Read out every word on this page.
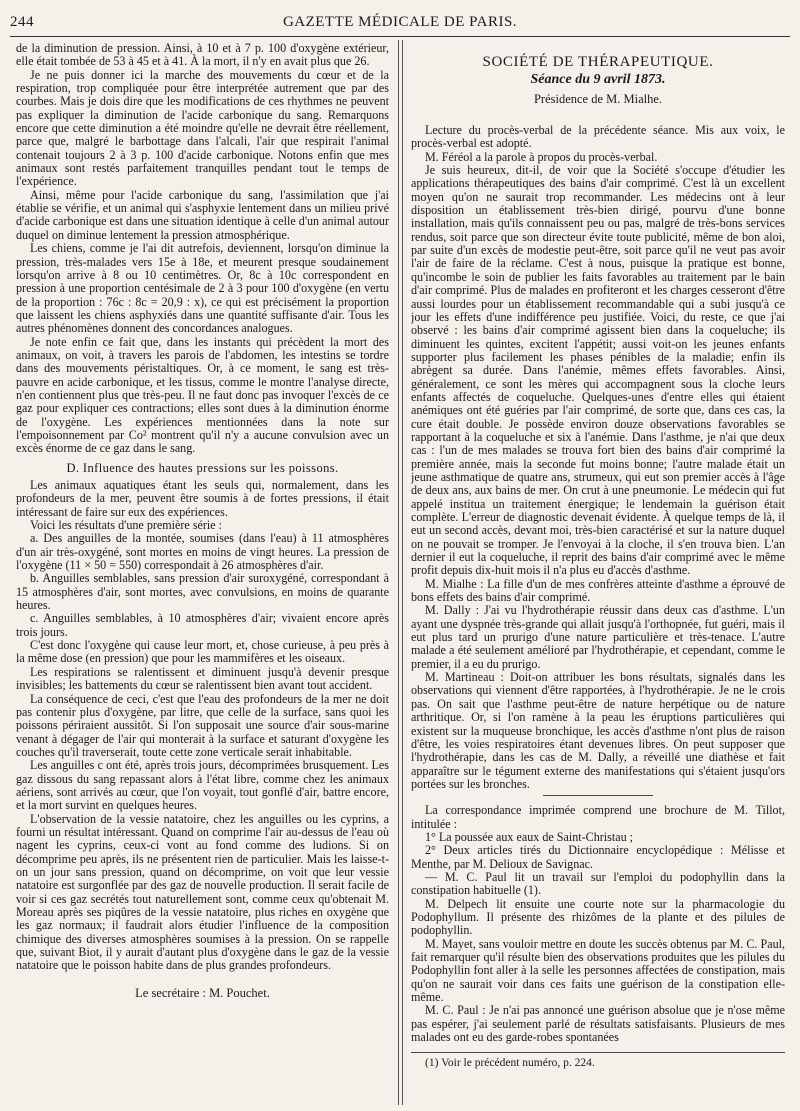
244	GAZETTE MÉDICALE DE PARIS.

de la diminution de pression. Ainsi, à 10 et à 7 p. 100 d'oxygène extérieur, elle était tombée de 53 à 45 et à 41. À la mort, il n'y en avait plus que 26.

Je ne puis donner ici la marche des mouvements du cœur et de la respiration, trop compliquée pour être interprétée autrement que par des courbes. Mais je dois dire que les modifications de ces rhythmes ne peuvent pas expliquer la diminution de l'acide carbonique du sang. Remarquons encore que cette diminution a été moindre qu'elle ne devrait être réellement, parce que, malgré le barbottage dans l'alcali, l'air que respirait l'animal contenait toujours 2 à 3 p. 100 d'acide carbonique. Notons enfin que mes animaux sont restés parfaitement tranquilles pendant tout le temps de l'expérience.

Ainsi, même pour l'acide carbonique du sang, l'assimilation que j'ai établie se vérifie, et un animal qui s'asphyxie lentement dans un milieu privé d'acide carbonique est dans une situation identique à celle d'un animal autour duquel on diminue lentement la pression atmosphérique.

Les chiens, comme je l'ai dit autrefois, deviennent, lorsqu'on diminue la pression, très-malades vers 15e à 18e, et meurent presque soudainement lorsqu'on arrive à 8 ou 10 centimètres. Or, 8c à 10c correspondent en pression à une proportion centésimale de 2 à 3 pour 100 d'oxygène (en vertu de la proportion : 76c : 8c = 20,9 : x), ce qui est précisément la proportion que laissent les chiens asphyxiés dans une quantité suffisante d'air. Tous les autres phénomènes donnent des concordances analogues.

Je note enfin ce fait que, dans les instants qui précèdent la mort des animaux, on voit, à travers les parois de l'abdomen, les intestins se tordre dans des mouvements péristaltiques. Or, à ce moment, le sang est très-pauvre en acide carbonique, et les tissus, comme le montre l'analyse directe, n'en contiennent plus que très-peu. Il ne faut donc pas invoquer l'excès de ce gaz pour expliquer ces contractions; elles sont dues à la diminution énorme de l'oxygène. Les expériences mentionnées dans la note sur l'empoisonnement par Co² montrent qu'il n'y a aucune convulsion avec un excès énorme de ce gaz dans le sang.

D. Influence des hautes pressions sur les poissons.

Les animaux aquatiques étant les seuls qui, normalement, dans les profondeurs de la mer, peuvent être soumis à de fortes pressions, il était intéressant de faire sur eux des expériences.

Voici les résultats d'une première série :

a. Des anguilles de la montée, soumises (dans l'eau) à 11 atmosphères d'un air très-oxygéné, sont mortes en moins de vingt heures. La pression de l'oxygène (11 × 50 = 550) correspondait à 26 atmosphères d'air.

b. Anguilles semblables, sans pression d'air suroxygéné, correspondant à 15 atmosphères d'air, sont mortes, avec convulsions, en moins de quarante heures.

c. Anguilles semblables, à 10 atmosphères d'air; vivaient encore après trois jours.

C'est donc l'oxygène qui cause leur mort, et, chose curieuse, à peu près à la même dose (en pression) que pour les mammifères et les oiseaux.

Les respirations se ralentissent et diminuent jusqu'à devenir presque invisibles; les battements du cœur se ralentissent bien avant tout accident.

La conséquence de ceci, c'est que l'eau des profondeurs de la mer ne doit pas contenir plus d'oxygène, par litre, que celle de la surface, sans quoi les poissons périraient aussitôt. Si l'on supposait une source d'air sous-marine venant à dégager de l'air qui monterait à la surface et saturant d'oxygène les couches qu'il traverserait, toute cette zone verticale serait inhabitable.

Les anguilles c ont été, après trois jours, décomprimées brusquement. Les gaz dissous du sang repassant alors à l'état libre, comme chez les animaux aériens, sont arrivés au cœur, que l'on voyait, tout gonflé d'air, battre encore, et la mort survint en quelques heures.

L'observation de la vessie natatoire, chez les anguilles ou les cyprins, a fourni un résultat intéressant. Quand on comprime l'air au-dessus de l'eau où nagent les cyprins, ceux-ci vont au fond comme des ludions. Si on décomprime peu après, ils ne présentent rien de particulier. Mais les laisse-t-on un jour sans pression, quand on décomprime, on voit que leur vessie natatoire est surgonflée par des gaz de nouvelle production. Il serait facile de voir si ces gaz secrétés tout naturellement sont, comme ceux qu'obtenait M. Moreau après ses piqûres de la vessie natatoire, plus riches en oxygène que les gaz normaux; il faudrait alors étudier l'influence de la composition chimique des diverses atmosphères soumises à la pression. On se rappelle que, suivant Biot, il y aurait d'autant plus d'oxygène dans le gaz de la vessie natatoire que le poisson habite dans de plus grandes profondeurs.

Le secrétaire : M. Pouchet.
SOCIÉTÉ DE THÉRAPEUTIQUE.
Séance du 9 avril 1873.
Présidence de M. Mialhe.

Lecture du procès-verbal de la précédente séance. Mis aux voix, le procès-verbal est adopté.

M. Féréol a la parole à propos du procès-verbal.

Je suis heureux, dit-il, de voir que la Société s'occupe d'étudier les applications thérapeutiques des bains d'air comprimé. C'est là un excellent moyen qu'on ne saurait trop recommander. Les médecins ont à leur disposition un établissement très-bien dirigé, pourvu d'une bonne installation, mais qu'ils connaissent peu ou pas, malgré de très-bons services rendus, soit parce que son directeur évite toute publicité, même de bon aloi, par suite d'un excès de modestie peut-être, soit parce qu'il ne veut pas avoir l'air de faire de la réclame. C'est à nous, puisque la pratique est bonne, qu'incombe le soin de publier les faits favorables au traitement par le bain d'air comprimé. Plus de malades en profiteront et les charges cesseront d'être aussi lourdes pour un établissement recommandable qui a subi jusqu'à ce jour les effets d'une indifférence peu justifiée. Voici, du reste, ce que j'ai observé : les bains d'air comprimé agissent bien dans la coqueluche; ils diminuent les quintes, excitent l'appétit; aussi voit-on les jeunes enfants supporter plus facilement les phases pénibles de la maladie; enfin ils abrègent sa durée. Dans l'anémie, mêmes effets favorables. Ainsi, généralement, ce sont les mères qui accompagnent sous la cloche leurs enfants affectés de coqueluche. Quelques-unes d'entre elles qui étaient anémiques ont été guéries par l'air comprimé, de sorte que, dans ces cas, la cure était double. Je possède environ douze observations favorables se rapportant à la coqueluche et six à l'anémie. Dans l'asthme, je n'ai que deux cas : l'un de mes malades se trouva fort bien des bains d'air comprimé la première année, mais la seconde fut moins bonne; l'autre malade était un jeune asthmatique de quatre ans, strumeux, qui eut son premier accès à l'âge de deux ans, aux bains de mer. On crut à une pneumonie. Le médecin qui fut appelé institua un traitement énergique; le lendemain la guérison était complète. L'erreur de diagnostic devenait évidente. À quelque temps de là, il eut un second accès, devant moi, très-bien caractérisé et sur la nature duquel on ne pouvait se tromper. Je l'envoyai à la cloche, il s'en trouva bien. L'an dernier il eut la coqueluche, il reprit des bains d'air comprimé avec le même profit depuis dix-huit mois il n'a plus eu d'accès d'asthme.

M. Mialhe : La fille d'un de mes confrères atteinte d'asthme a éprouvé de bons effets des bains d'air comprimé.

M. Dally : J'ai vu l'hydrothérapie réussir dans deux cas d'asthme. L'un ayant une dyspnée très-grande qui allait jusqu'à l'orthopnée, fut guéri, mais il eut plus tard un prurigo d'une nature particulière et très-tenace. L'autre malade a été seulement amélioré par l'hydrothérapie, et cependant, comme le premier, il a eu du prurigo.

M. Martineau : Doit-on attribuer les bons résultats, signalés dans les observations qui viennent d'être rapportées, à l'hydrothérapie. Je ne le crois pas. On sait que l'asthme peut-être de nature herpétique ou de nature arthritique. Or, si l'on ramène à la peau les éruptions particulières qui existent sur la muqueuse bronchique, les accès d'asthme n'ont plus de raison d'être, les voies respiratoires étant devenues libres. On peut supposer que l'hydrothérapie, dans les cas de M. Dally, a réveillé une diathèse et fait apparaître sur le tégument externe des manifestations qui s'étaient jusqu'ors portées sur les bronches.

La correspondance imprimée comprend une brochure de M. Tillot, intitulée :

1° La poussée aux eaux de Saint-Christau ;

2° Deux articles tirés du Dictionnaire encyclopédique : Mélisse et Menthe, par M. Delioux de Savignac.

— M. C. Paul lit un travail sur l'emploi du podophyllin dans la constipation habituelle (1).

M. Delpech lit ensuite une courte note sur la pharmacologie du Podophyllum. Il présente des rhizômes de la plante et des pilules de podophyllin.

M. Mayet, sans vouloir mettre en doute les succès obtenus par M. C. Paul, fait remarquer qu'il résulte bien des observations produites que les pilules du Podophyllin font aller à la selle les personnes affectées de constipation, mais qu'on ne saurait voir dans ces faits une guérison de la constipation elle-même.

M. C. Paul : Je n'ai pas annoncé une guérison absolue que je n'ose même pas espérer, j'ai seulement parlé de résultats satisfaisants. Plusieurs de mes malades ont eu des garde-robes spontanées

(1) Voir le précédent numéro, p. 224.
